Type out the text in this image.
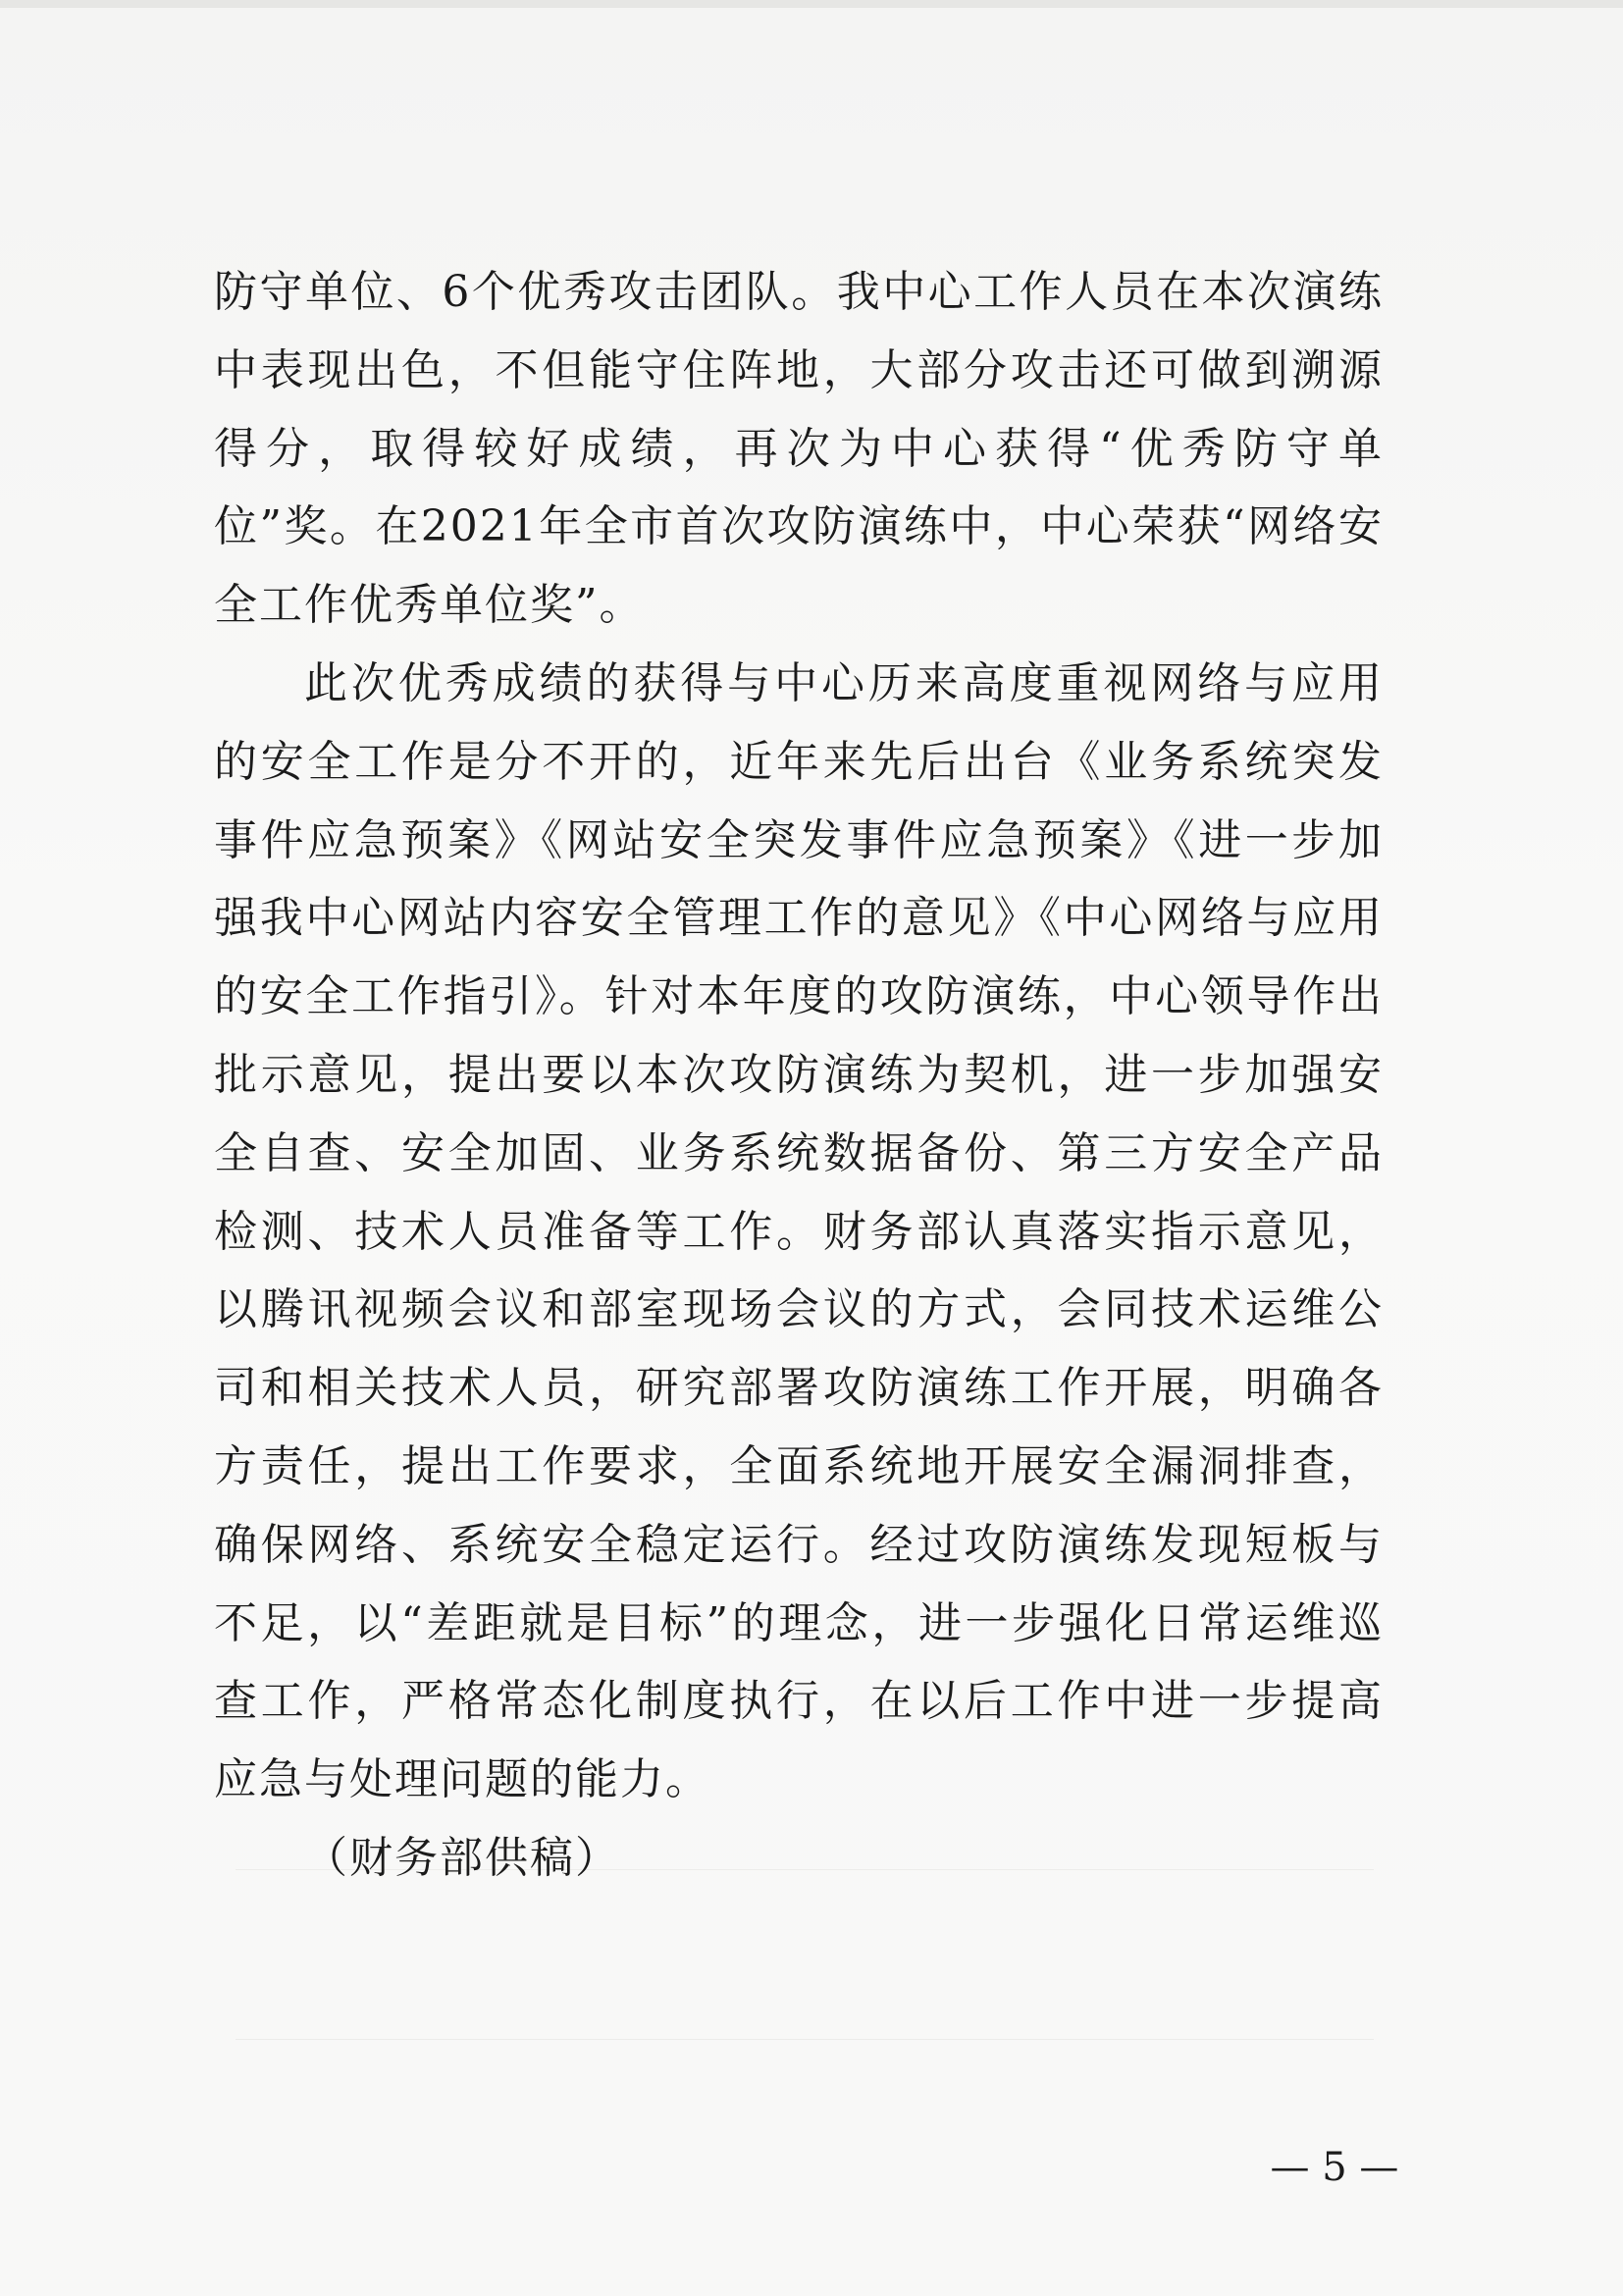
防守单位、6个优秀攻击团队。我中心工作人员在本次演练中表现出色，不但能守住阵地，大部分攻击还可做到溯源得分，取得较好成绩，再次为中心获得“优秀防守单位”奖。在2021年全市首次攻防演练中，中心荣获“网络安全工作优秀单位奖”。

此次优秀成绩的获得与中心历来高度重视网络与应用的安全工作是分不开的，近年来先后出台《业务系统突发事件应急预案》《网站安全突发事件应急预案》《进一步加强我中心网站内容安全管理工作的意见》《中心网络与应用的安全工作指引》。针对本年度的攻防演练，中心领导作出批示意见，提出要以本次攻防演练为契机，进一步加强安全自查、安全加固、业务系统数据备份、第三方安全产品检测、技术人员准备等工作。财务部认真落实指示意见，以腾讯视频会议和部室现场会议的方式，会同技术运维公司和相关技术人员，研究部署攻防演练工作开展，明确各方责任，提出工作要求，全面系统地开展安全漏洞排查，确保网络、系统安全稳定运行。经过攻防演练发现短板与不足，以“差距就是目标”的理念，进一步强化日常运维巡查工作，严格常态化制度执行，在以后工作中进一步提高应急与处理问题的能力。

（财务部供稿）

— 5 —
